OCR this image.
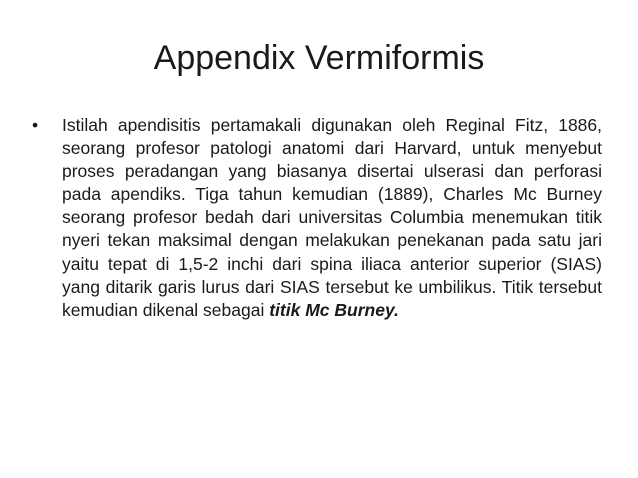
Appendix Vermiformis
• Istilah apendisitis pertamakali digunakan oleh Reginal Fitz, 1886, seorang profesor patologi anatomi dari Harvard, untuk menyebut proses peradangan yang biasanya disertai ulserasi dan perforasi pada apendiks. Tiga tahun kemudian (1889), Charles Mc Burney seorang profesor bedah dari universitas Columbia menemukan titik nyeri tekan maksimal dengan melakukan penekanan pada satu jari yaitu tepat di 1,5-2 inchi dari spina iliaca anterior superior (SIAS) yang ditarik garis lurus dari SIAS tersebut ke umbilikus. Titik tersebut kemudian dikenal sebagai titik Mc Burney.
